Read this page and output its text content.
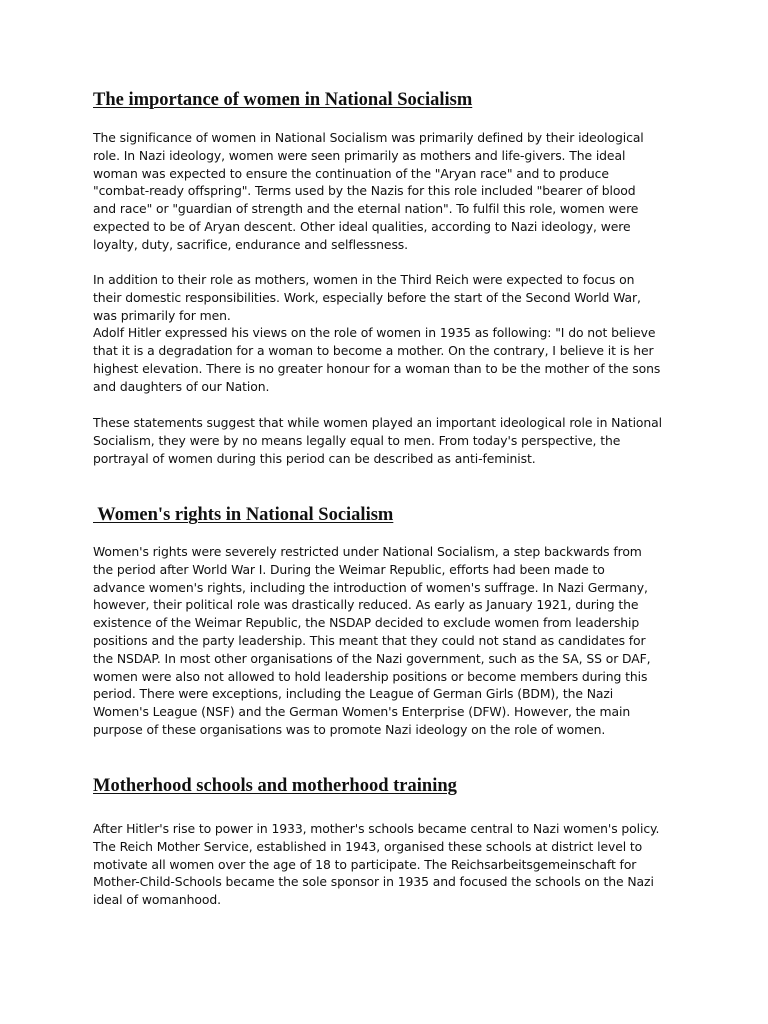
The importance of women in National Socialism

The significance of women in National Socialism was primarily defined by their ideological
role. In Nazi ideology, women were seen primarily as mothers and life-givers. The ideal
woman was expected to ensure the continuation of the "Aryan race" and to produce
"combat-ready offspring". Terms used by the Nazis for this role included "bearer of blood
and race" or "guardian of strength and the eternal nation". To fulfil this role, women were
expected to be of Aryan descent. Other ideal qualities, according to Nazi ideology, were
loyalty, duty, sacrifice, endurance and selflessness.

In addition to their role as mothers, women in the Third Reich were expected to focus on
their domestic responsibilities. Work, especially before the start of the Second World War,
was primarily for men.
Adolf Hitler expressed his views on the role of women in 1935 as following: "I do not believe
that it is a degradation for a woman to become a mother. On the contrary, I believe it is her
highest elevation. There is no greater honour for a woman than to be the mother of the sons
and daughters of our Nation.

These statements suggest that while women played an important ideological role in National
Socialism, they were by no means legally equal to men. From today's perspective, the
portrayal of women during this period can be described as anti-feminist.

Women's rights in National Socialism

Women's rights were severely restricted under National Socialism, a step backwards from
the period after World War I. During the Weimar Republic, efforts had been made to
advance women's rights, including the introduction of women's suffrage. In Nazi Germany,
however, their political role was drastically reduced. As early as January 1921, during the
existence of the Weimar Republic, the NSDAP decided to exclude women from leadership
positions and the party leadership. This meant that they could not stand as candidates for
the NSDAP. In most other organisations of the Nazi government, such as the SA, SS or DAF,
women were also not allowed to hold leadership positions or become members during this
period. There were exceptions, including the League of German Girls (BDM), the Nazi
Women's League (NSF) and the German Women's Enterprise (DFW). However, the main
purpose of these organisations was to promote Nazi ideology on the role of women.

Motherhood schools and motherhood training

After Hitler's rise to power in 1933, mother's schools became central to Nazi women's policy.
The Reich Mother Service, established in 1943, organised these schools at district level to
motivate all women over the age of 18 to participate. The Reichsarbeitsgemeinschaft for
Mother-Child-Schools became the sole sponsor in 1935 and focused the schools on the Nazi
ideal of womanhood.
